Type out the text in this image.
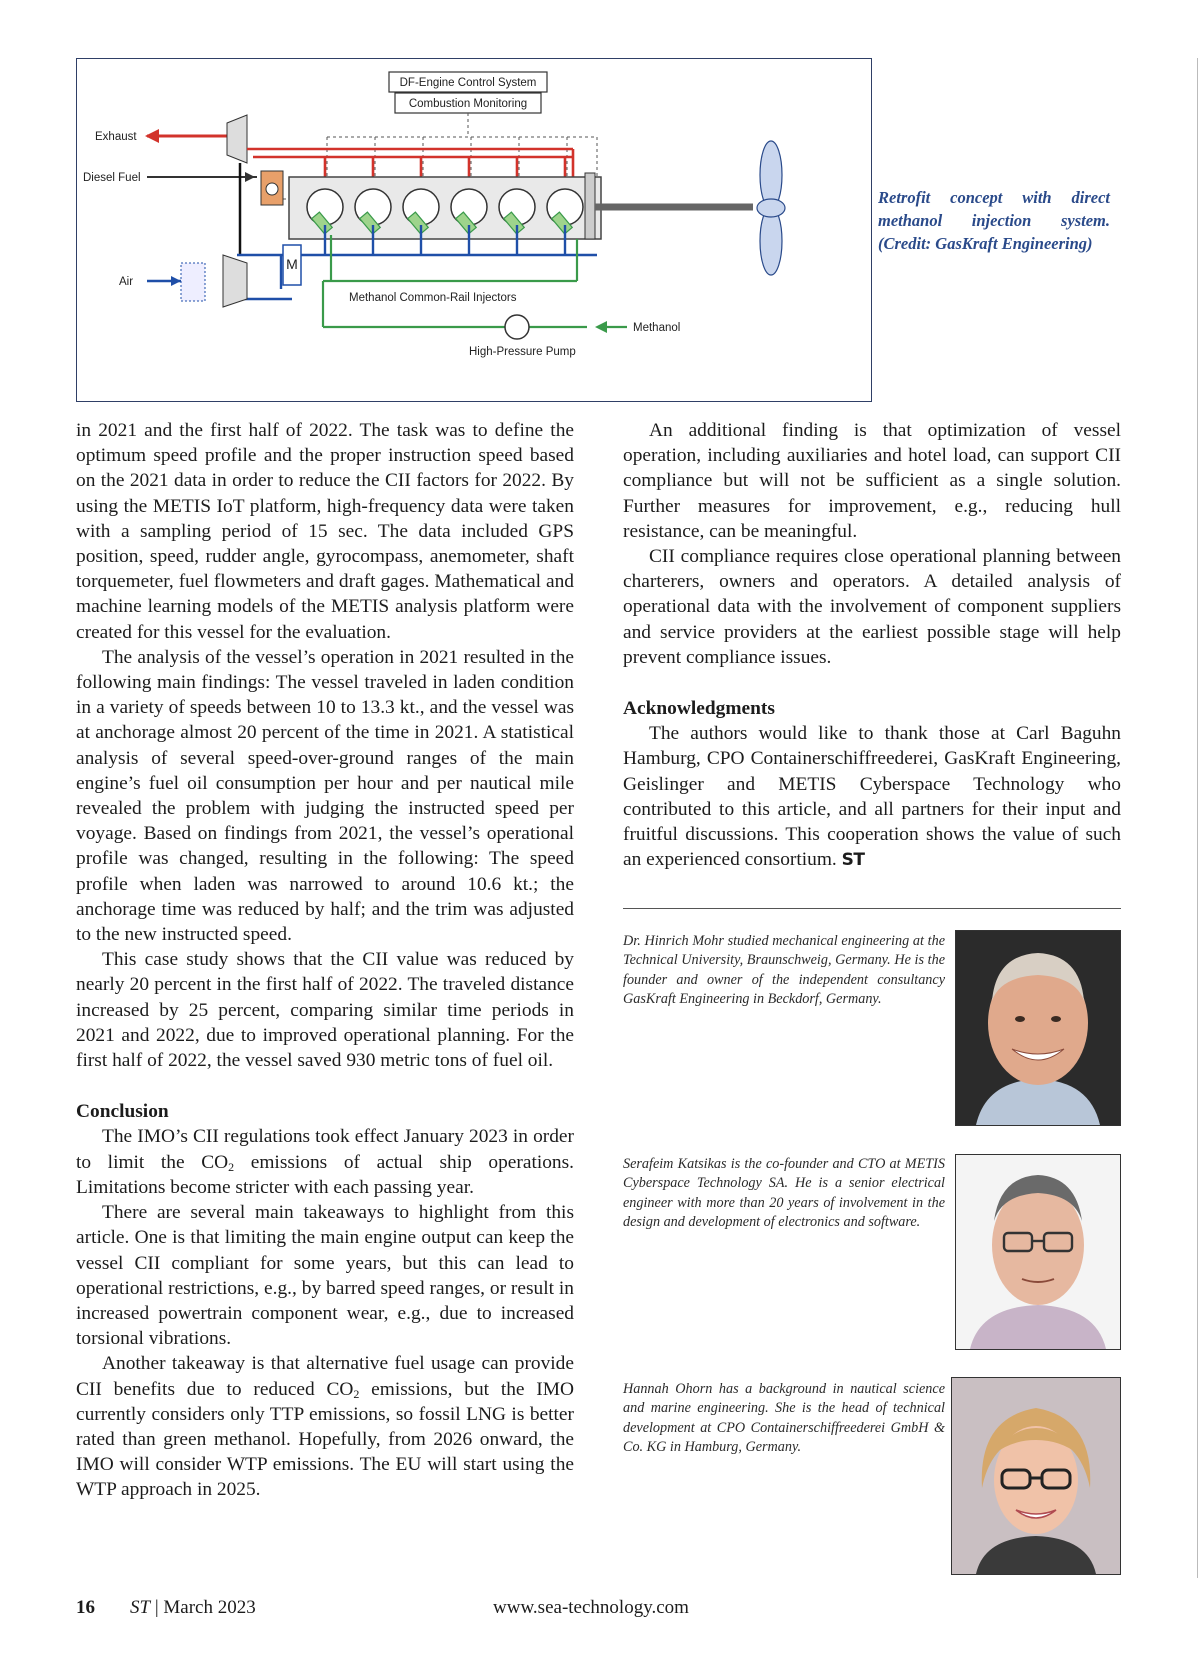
DF-Engine Control System
Combustion Monitoring
Exhaust
Diesel Fuel
M
Air
Methanol Common-Rail Injectors
Methanol
High-Pressure Pump
Retrofit concept with direct methanol injection system. (Credit: GasKraft Engineering)

in 2021 and the first half of 2022. The task was to define the optimum speed profile and the proper instruction speed based on the 2021 data in order to reduce the CII factors for 2022. By using the METIS IoT platform, high-frequency data were taken with a sampling period of 15 sec. The data included GPS position, speed, rudder angle, gyrocompass, anemometer, shaft torquemeter, fuel flowmeters and draft gages. Mathematical and machine learning models of the METIS analysis platform were created for this vessel for the evaluation.

The analysis of the vessel’s operation in 2021 resulted in the following main findings: The vessel traveled in laden condition in a variety of speeds between 10 to 13.3 kt., and the vessel was at anchorage almost 20 percent of the time in 2021. A statistical analysis of several speed-over-ground ranges of the main engine’s fuel oil consumption per hour and per nautical mile revealed the problem with judging the instructed speed per voyage. Based on findings from 2021, the vessel’s operational profile was changed, resulting in the following: The speed profile when laden was narrowed to around 10.6 kt.; the anchorage time was reduced by half; and the trim was adjusted to the new instructed speed.

This case study shows that the CII value was reduced by nearly 20 percent in the first half of 2022. The traveled distance increased by 25 percent, comparing similar time periods in 2021 and 2022, due to improved operational planning. For the first half of 2022, the vessel saved 930 metric tons of fuel oil.

Conclusion

The IMO’s CII regulations took effect January 2023 in order to limit the $CO_2$ emissions of actual ship operations. Limitations become stricter with each passing year.

There are several main takeaways to highlight from this article. One is that limiting the main engine output can keep the vessel CII compliant for some years, but this can lead to operational restrictions, e.g., by barred speed ranges, or result in increased powertrain component wear, e.g., due to increased torsional vibrations.

Another takeaway is that alternative fuel usage can provide CII benefits due to reduced $CO_2$ emissions, but the IMO currently considers only TTP emissions, so fossil LNG is better rated than green methanol. Hopefully, from 2026 onward, the IMO will consider WTP emissions. The EU will start using the WTP approach in 2025.

An additional finding is that optimization of vessel operation, including auxiliaries and hotel load, can support CII compliance but will not be sufficient as a single solution. Further measures for improvement, e.g., reducing hull resistance, can be meaningful.

CII compliance requires close operational planning between charterers, owners and operators. A detailed analysis of operational data with the involvement of component suppliers and service providers at the earliest possible stage will help prevent compliance issues.

Acknowledgments

The authors would like to thank those at Carl Baguhn Hamburg, CPO Containerschiffreederei, GasKraft Engineering, Geislinger and METIS Cyberspace Technology who contributed to this article, and all partners for their input and fruitful discussions. This cooperation shows the value of such an experienced consortium. ST

Dr. Hinrich Mohr studied mechanical engineering at the Technical University, Braunschweig, Germany. He is the founder and owner of the independent consultancy GasKraft Engineering in Beckdorf, Germany.
Serafeim Katsikas is the co-founder and CTO at METIS Cyberspace Technology SA. He is a senior electrical engineer with more than 20 years of involvement in the design and development of electronics and software.
Hannah Ohorn has a background in nautical science and marine engineering. She is the head of technical development at CPO Containerschiffreederei GmbH & Co. KG in Hamburg, Germany.
16 ST | March 2023	www.sea-technology.com
